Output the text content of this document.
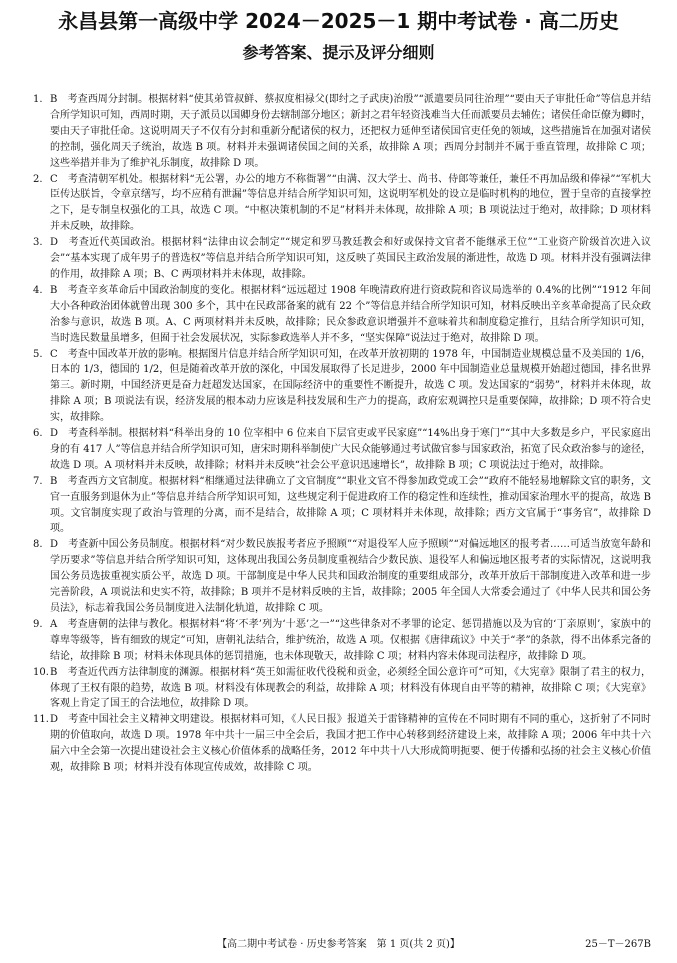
永昌县第一高级中学 2024－2025－1 期中考试卷 · 高二历史
参考答案、提示及评分细则

1. B　考查西周分封制。根据材料“使其弟管叔鲜、蔡叔度相禄父(即纣之子武庚)治殷”“派遣要员同往治理”“要由天子审批任命”等信息并结合所学知识可知，西周时期，天子派员以国卿身份去辖制部分地区；新封之君年轻资浅难当大任而派要员去辅佐；诸侯任命臣僚为卿时，要由天子审批任命。这说明周天子不仅有分封和重新分配诸侯的权力，还把权力延伸至诸侯国官吏任免的领域，这些措施旨在加强对诸侯的控制，强化周天子统治，故选 B 项。材料并未强调诸侯国之间的关系，故排除 A 项；西周分封制并不属于垂直管理，故排除 C 项；这些举措并非为了维护礼乐制度，故排除 D 项。

2. C　考查清朝军机处。根据材料“无公署，办公的地方不称衙署”“由满、汉大学士、尚书、侍郎等兼任，兼任不再加品级和俸禄”“军机大臣传达朕旨，令章京缮写，均不应稍有泄漏”等信息并结合所学知识可知，这说明军机处的设立是临时机构的地位，置于皇帝的直接掌控之下，是专制皇权强化的工具，故选 C 项。“中枢决策机制的不足”材料并未体现，故排除 A 项；B 项说法过于绝对，故排除；D 项材料并未反映，故排除。

3. D　考查近代英国政治。根据材料“法律由议会制定”“规定和罗马教廷教会和好或保持文官者不能继承王位”“工业资产阶级首次进入议会”“基本实现了成年男子的普选权”等信息并结合所学知识可知，这反映了英国民主政治发展的渐进性，故选 D 项。材料并没有强调法律的作用，故排除 A 项；B、C 两项材料并未体现，故排除。

4. B　考查辛亥革命后中国政治制度的变化。根据材料“远远超过 1908 年晚清政府进行资政院和咨议局选举的 0.4%的比例”“1912 年间大小各种政治团体就曾出现 300 多个，其中在民政部备案的就有 22 个”等信息并结合所学知识可知，材料反映出辛亥革命提高了民众政治参与意识，故选 B 项。A、C 两项材料并未反映，故排除；民众参政意识增强并不意味着共和制度稳定推行，且结合所学知识可知，当时选民数量虽增多，但囿于社会发展状况，实际参政选举人并不多，“坚实保障”说法过于绝对，故排除 D 项。

5. C　考查中国改革开放的影响。根据图片信息并结合所学知识可知，在改革开放初期的 1978 年，中国制造业规模总量不及美国的 1/6，日本的 1/3，德国的 1/2，但是随着改革开放的深化，中国发展取得了长足进步，2000 年中国制造业总量规模开始超过德国，排名世界第三。新时期，中国经济更是奋力赶超发达国家，在国际经济中的重要性不断提升，故选 C 项。发达国家的“弱势”，材料并未体现，故排除 A 项；B 项说法有误，经济发展的根本动力应该是科技发展和生产力的提高，政府宏观调控只是重要保障，故排除；D 项不符合史实，故排除。

6. D　考查科举制。根据材料“科举出身的 10 位宰相中 6 位来自下层官吏或平民家庭”“14%出身于寒门”“其中大多数是乡户，平民家庭出身的有 417 人”等信息并结合所学知识可知，唐宋时期科举制使广大民众能够通过考试做官参与国家政治，拓宽了民众政治参与的途径，故选 D 项。A 项材料并未反映，故排除；材料并未反映“社会公平意识迅速增长”，故排除 B 项；C 项说法过于绝对，故排除。

7. B　考查西方文官制度。根据材料“相继通过法律确立了文官制度”“职业文官不得参加政党或工会”“政府不能轻易地解除文官的职务，文官一直服务到退休为止”等信息并结合所学知识可知，这些规定利于促进政府工作的稳定性和连续性，推动国家治理水平的提高，故选 B 项。文官制度实现了政治与管理的分离，而不是结合，故排除 A 项；C 项材料并未体现，故排除；西方文官属于“事务官”，故排除 D 项。

8. D　考查新中国公务员制度。根据材料“对少数民族报考者应予照顾”“对退役军人应予照顾”“对偏远地区的报考者……可适当放宽年龄和学历要求”等信息并结合所学知识可知，这体现出我国公务员制度重视结合少数民族、退役军人和偏远地区报考者的实际情况，这说明我国公务员选拔重视实质公平，故选 D 项。干部制度是中华人民共和国政治制度的重要组成部分，改革开放后干部制度进入改革和进一步完善阶段，A 项说法和史实不符，故排除；B 项并不是材料反映的主旨，故排除；2005 年全国人大常委会通过了《中华人民共和国公务员法》，标志着我国公务员制度进入法制化轨道，故排除 C 项。

9. A　考查唐朝的法律与教化。根据材料“将‘不孝’列为‘十恶’之一”“这些律条对不孝罪的论定、惩罚措施以及为官的‘丁亲原则’，家族中的尊卑等级等，皆有细致的规定”可知，唐朝礼法结合，维护统治，故选 A 项。仅根据《唐律疏议》中关于“孝”的条款，得不出体系完备的结论，故排除 B 项；材料未体现具体的惩罚措施，也未体现敬天，故排除 C 项；材料内容未体现司法程序，故排除 D 项。

10. B　考查近代西方法律制度的渊源。根据材料“英王如需征收代役税和贡金，必须经全国公意许可”可知，《大宪章》限制了君主的权力，体现了王权有限的趋势，故选 B 项。材料没有体现教会的利益，故排除 A 项；材料没有体现自由平等的精神，故排除 C 项；《大宪章》客观上肯定了国王的合法地位，故排除 D 项。

11. D　考查中国社会主义精神文明建设。根据材料可知，《人民日报》报道关于雷锋精神的宣传在不同时期有不同的重心，这折射了不同时期的价值取向，故选 D 项。1978 年中共十一届三中全会后，我国才把工作中心转移到经济建设上来，故排除 A 项；2006 年中共十六届六中全会第一次提出建设社会主义核心价值体系的战略任务，2012 年中共十八大形成简明扼要、便于传播和弘扬的社会主义核心价值观，故排除 B 项；材料并没有体现宣传成效，故排除 C 项。

【高二期中考试卷 · 历史参考答案　第 1 页(共 2 页)】	25－T－267B
